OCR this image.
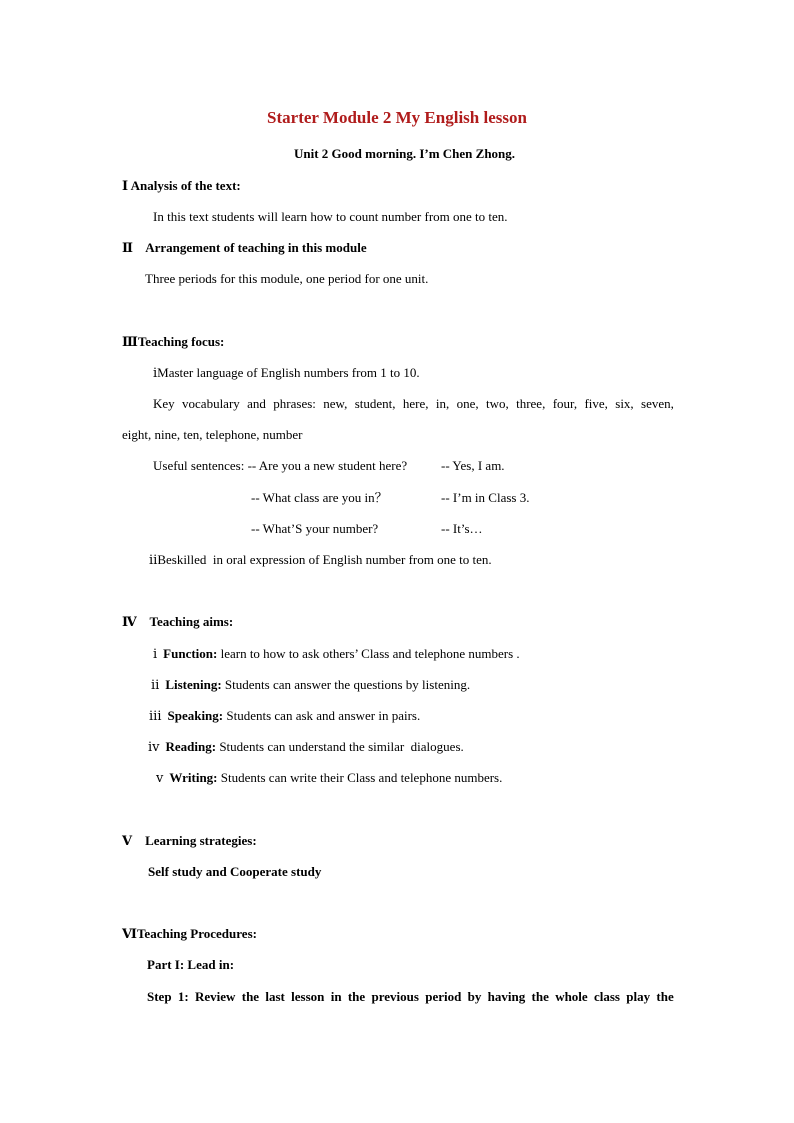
Starter Module 2 My English lesson
Unit 2 Good morning. I’m Chen Zhong.
Ⅰ Analysis of the text:
In this text students will learn how to count number from one to ten.
Ⅱ    Arrangement of teaching in this module
Three periods for this module, one period for one unit.
ⅢTeaching focus:
ⅰMaster language of English numbers from 1 to 10.
Key vocabulary and phrases: new, student, here, in, one, two, three, four, five, six, seven,
eight, nine, ten, telephone, number
Useful sentences: -- Are you a new student here?	-- Yes, I am.
-- What class are you in？	-- I’m in Class 3.
-- What’S your number?	-- It’s…
ⅱBeskilled  in oral expression of English number from one to ten.
Ⅳ    Teaching aims:
ⅰ Function: learn to how to ask others’ Class and telephone numbers .
ⅱ Listening: Students can answer the questions by listening.
ⅲ Speaking: Students can ask and answer in pairs.
ⅳ Reading: Students can understand the similar  dialogues.
ⅴ Writing: Students can write their Class and telephone numbers.
Ⅴ    Learning strategies:
Self study and Cooperate study
ⅥTeaching Procedures:
Part I: Lead in:
Step 1: Review the last lesson in the previous period by having the whole class play the
